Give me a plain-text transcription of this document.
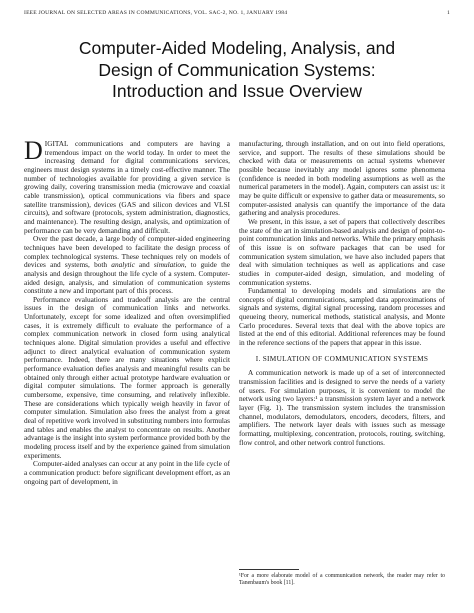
IEEE JOURNAL ON SELECTED AREAS IN COMMUNICATIONS, VOL. SAC-2, NO. 1, JANUARY 1984	1
Computer-Aided Modeling, Analysis, and
Design of Communication Systems:
Introduction and Issue Overview

DIGITAL communications and computers are having a tremendous impact on the world today. In order to meet the increasing demand for digital communications services, engineers must design systems in a timely cost-effective manner. The number of technologies available for providing a given service is growing daily, covering transmission media (microwave and coaxial cable transmission), optical communications via fibers and space satellite transmission), devices (GAS and silicon devices and VLSI circuits), and software (protocols, system administration, diagnostics, and maintenance). The resulting design, analysis, and optimization of performance can be very demanding and difficult.

Over the past decade, a large body of computer-aided engineering techniques have been developed to facilitate the design process of complex technological systems. These techniques rely on models of devices and systems, both analytic and simulation, to guide the analysis and design throughout the life cycle of a system. Computer-aided design, analysis, and simulation of communication systems constitute a new and important part of this process.

Performance evaluations and tradeoff analysis are the central issues in the design of communication links and networks. Unfortunately, except for some idealized and often oversimplified cases, it is extremely difficult to evaluate the performance of a complex communication network in closed form using analytical techniques alone. Digital simulation provides a useful and effective adjunct to direct analytical evaluation of communication system performance. Indeed, there are many situations where explicit performance evaluation defies analysis and meaningful results can be obtained only through either actual prototype hardware evaluation or digital computer simulations. The former approach is generally cumbersome, expensive, time consuming, and relatively inflexible. These are considerations which typically weigh heavily in favor of computer simulation. Simulation also frees the analyst from a great deal of repetitive work involved in substituting numbers into formulas and tables and enables the analyst to concentrate on results. Another advantage is the insight into system performance provided both by the modeling process itself and by the experience gained from simulation experiments.

Computer-aided analyses can occur at any point in the life cycle of a communication product: before significant development effort, as an ongoing part of development, in

manufacturing, through installation, and on out into field operations, service, and support. The results of these simulations should be checked with data or measurements on actual systems whenever possible because inevitably any model ignores some phenomena (confidence is needed in both modeling assumptions as well as the numerical parameters in the model). Again, computers can assist us: it may be quite difficult or expensive to gather data or measurements, so computer-assisted analysis can quantify the importance of the data gathering and analysis procedures.

We present, in this issue, a set of papers that collectively describes the state of the art in simulation-based analysis and design of point-to-point communication links and networks. While the primary emphasis of this issue is on software packages that can be used for communication system simulation, we have also included papers that deal with simulation techniques as well as applications and case studies in computer-aided design, simulation, and modeling of communication systems.

Fundamental to developing models and simulations are the concepts of digital communications, sampled data approximations of signals and systems, digital signal processing, random processes and queueing theory, numerical methods, statistical analysis, and Monte Carlo procedures. Several texts that deal with the above topics are listed at the end of this editorial. Additional references may be found in the reference sections of the papers that appear in this issue.

I. SIMULATION OF COMMUNICATION SYSTEMS

A communication network is made up of a set of interconnected transmission facilities and is designed to serve the needs of a variety of users. For simulation purposes, it is convenient to model the network using two layers:¹ a transmission system layer and a network layer (Fig. 1). The transmission system includes the transmission channel, modulators, demodulators, encoders, decoders, filters, and amplifiers. The network layer deals with issues such as message formatting, multiplexing, concentration, protocols, routing, switching, flow control, and other network control functions.

¹For a more elaborate model of a communication network, the reader may refer to Tanenbaum's book [11].
